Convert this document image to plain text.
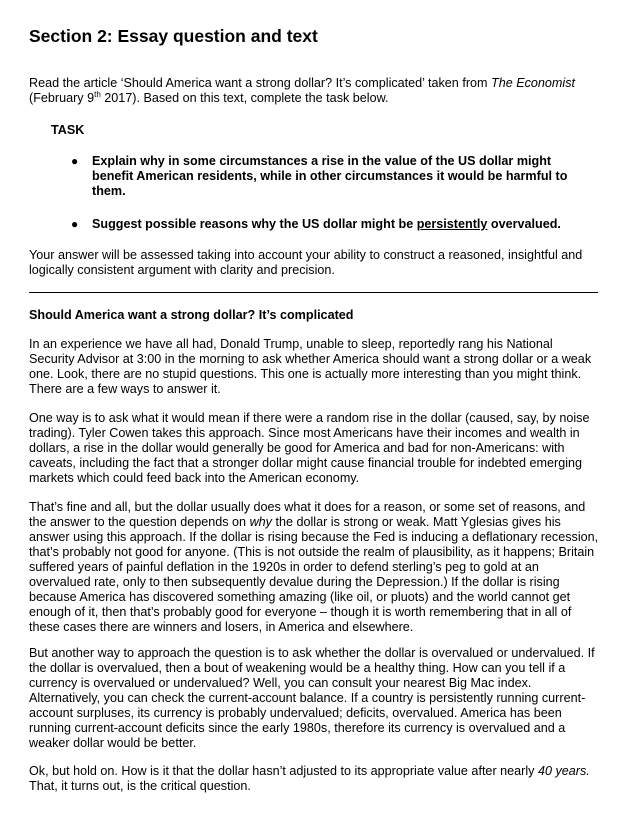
Section 2: Essay question and text

Read the article ‘Should America want a strong dollar? It’s complicated’ taken from The Economist
(February 9th 2017). Based on this text, complete the task below.

TASK

● Explain why in some circumstances a rise in the value of the US dollar might benefit American residents, while in other circumstances it would be harmful to them.
● Suggest possible reasons why the US dollar might be persistently overvalued.

Your answer will be assessed taking into account your ability to construct a reasoned, insightful and logically consistent argument with clarity and precision.

Should America want a strong dollar? It’s complicated

In an experience we have all had, Donald Trump, unable to sleep, reportedly rang his National Security Advisor at 3:00 in the morning to ask whether America should want a strong dollar or a weak one. Look, there are no stupid questions. This one is actually more interesting than you might think. There are a few ways to answer it.

One way is to ask what it would mean if there were a random rise in the dollar (caused, say, by noise trading). Tyler Cowen takes this approach. Since most Americans have their incomes and wealth in dollars, a rise in the dollar would generally be good for America and bad for non-Americans: with caveats, including the fact that a stronger dollar might cause financial trouble for indebted emerging markets which could feed back into the American economy.

That’s fine and all, but the dollar usually does what it does for a reason, or some set of reasons, and the answer to the question depends on why the dollar is strong or weak. Matt Yglesias gives his answer using this approach. If the dollar is rising because the Fed is inducing a deflationary recession, that’s probably not good for anyone. (This is not outside the realm of plausibility, as it happens; Britain suffered years of painful deflation in the 1920s in order to defend sterling’s peg to gold at an overvalued rate, only to then subsequently devalue during the Depression.) If the dollar is rising because America has discovered something amazing (like oil, or pluots) and the world cannot get enough of it, then that’s probably good for everyone – though it is worth remembering that in all of these cases there are winners and losers, in America and elsewhere.

But another way to approach the question is to ask whether the dollar is overvalued or undervalued. If the dollar is overvalued, then a bout of weakening would be a healthy thing. How can you tell if a currency is overvalued or undervalued? Well, you can consult your nearest Big Mac index. Alternatively, you can check the current-account balance. If a country is persistently running current-account surpluses, its currency is probably undervalued; deficits, overvalued. America has been running current-account deficits since the early 1980s, therefore its currency is overvalued and a weaker dollar would be better.

Ok, but hold on. How is it that the dollar hasn’t adjusted to its appropriate value after nearly 40 years. That, it turns out, is the critical question.
